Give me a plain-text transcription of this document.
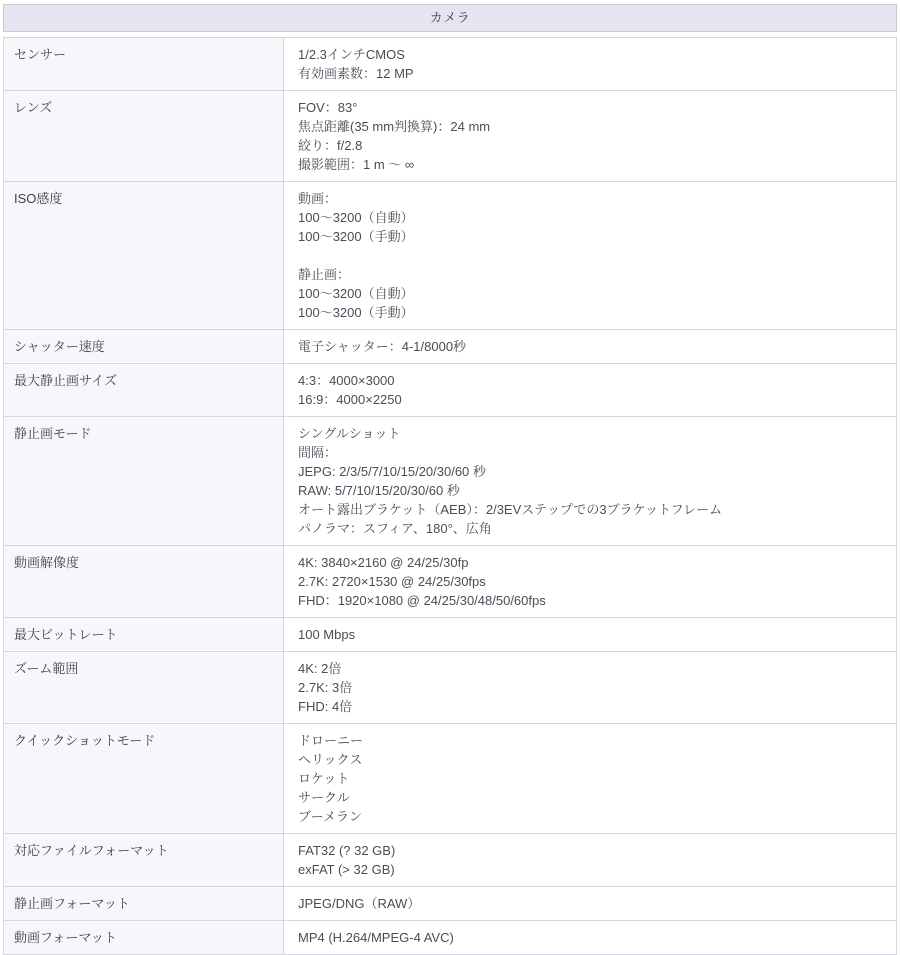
カメラ
センサー	1/2.3インチCMOS
有効画素数：12 MP

レンズ	FOV：83°
焦点距離(35 mm判換算)：24 mm
絞り：f/2.8
撮影範囲：1 m ～ ∞

ISO感度	動画：
100～3200（自動）
100～3200（手動）
静止画：
100～3200（自動）
100～3200（手動）

シャッター速度	電子シャッター：4-1/8000秒

最大静止画サイズ	4:3：4000×3000
16:9：4000×2250

静止画モード	シングルショット
間隔：
JEPG: 2/3/5/7/10/15/20/30/60 秒
RAW: 5/7/10/15/20/30/60 秒
オート露出ブラケット（AEB）：2/3EVステップでの3ブラケットフレーム
パノラマ：スフィア、180°、広角

動画解像度	4K: 3840×2160 @ 24/25/30fp
2.7K: 2720×1530 @ 24/25/30fps
FHD：1920×1080 @ 24/25/30/48/50/60fps

最大ビットレート	100 Mbps

ズーム範囲	4K: 2倍
2.7K: 3倍
FHD: 4倍

クイックショットモード	ドローニー
ヘリックス
ロケット
サークル
ブーメラン

対応ファイルフォーマット	FAT32 (? 32 GB)
exFAT (> 32 GB)

静止画フォーマット	JPEG/DNG（RAW）

動画フォーマット	MP4 (H.264/MPEG-4 AVC)
